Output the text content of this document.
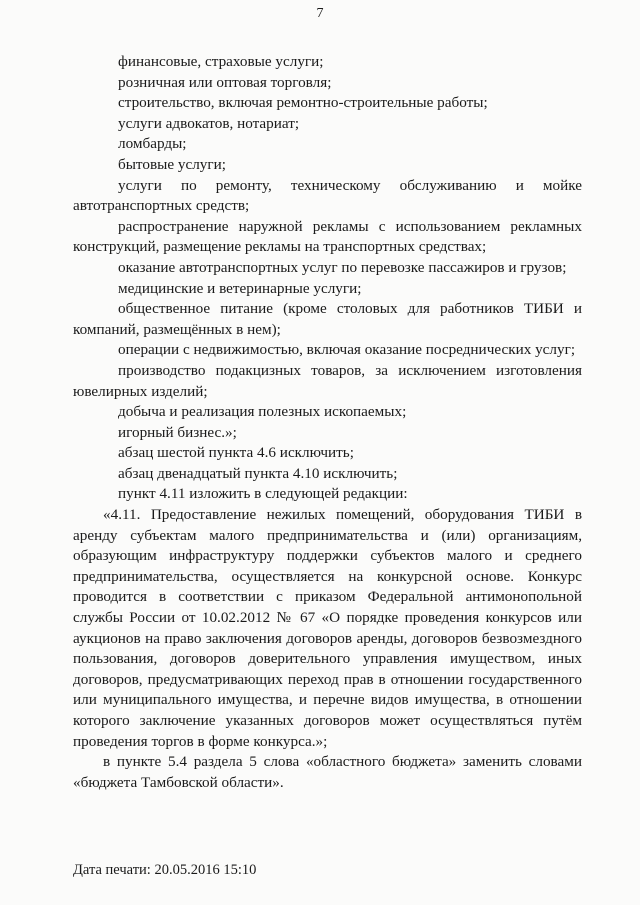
7

финансовые, страховые услуги;

розничная или оптовая торговля;

строительство, включая ремонтно-строительные работы;

услуги адвокатов, нотариат;

ломбарды;

бытовые услуги;

услуги по ремонту, техническому обслуживанию и мойке автотранспортных средств;

распространение наружной рекламы с использованием рекламных конструкций, размещение рекламы на транспортных средствах;

оказание автотранспортных услуг по перевозке пассажиров и грузов;

медицинские и ветеринарные услуги;

общественное питание (кроме столовых для работников ТИБИ и компаний, размещённых в нем);

операции с недвижимостью, включая оказание посреднических услуг;

производство подакцизных товаров, за исключением изготовления ювелирных изделий;

добыча и реализация полезных ископаемых;

игорный бизнес.»;

абзац шестой пункта 4.6 исключить;

абзац двенадцатый пункта 4.10 исключить;

пункт 4.11 изложить в следующей редакции:

«4.11. Предоставление нежилых помещений, оборудования ТИБИ в аренду субъектам малого предпринимательства и (или) организациям, образующим инфраструктуру поддержки субъектов малого и среднего предпринимательства, осуществляется на конкурсной основе. Конкурс проводится в соответствии с приказом Федеральной антимонопольной службы России от 10.02.2012 № 67 «О порядке проведения конкурсов или аукционов на право заключения договоров аренды, договоров безвозмездного пользования, договоров доверительного управления имуществом, иных договоров, предусматривающих переход прав в отношении государственного или муниципального имущества, и перечне видов имущества, в отношении которого заключение указанных договоров может осуществляться путём проведения торгов в форме конкурса.»;

в пункте 5.4 раздела 5 слова «областного бюджета» заменить словами «бюджета Тамбовской области».

Дата печати: 20.05.2016 15:10
